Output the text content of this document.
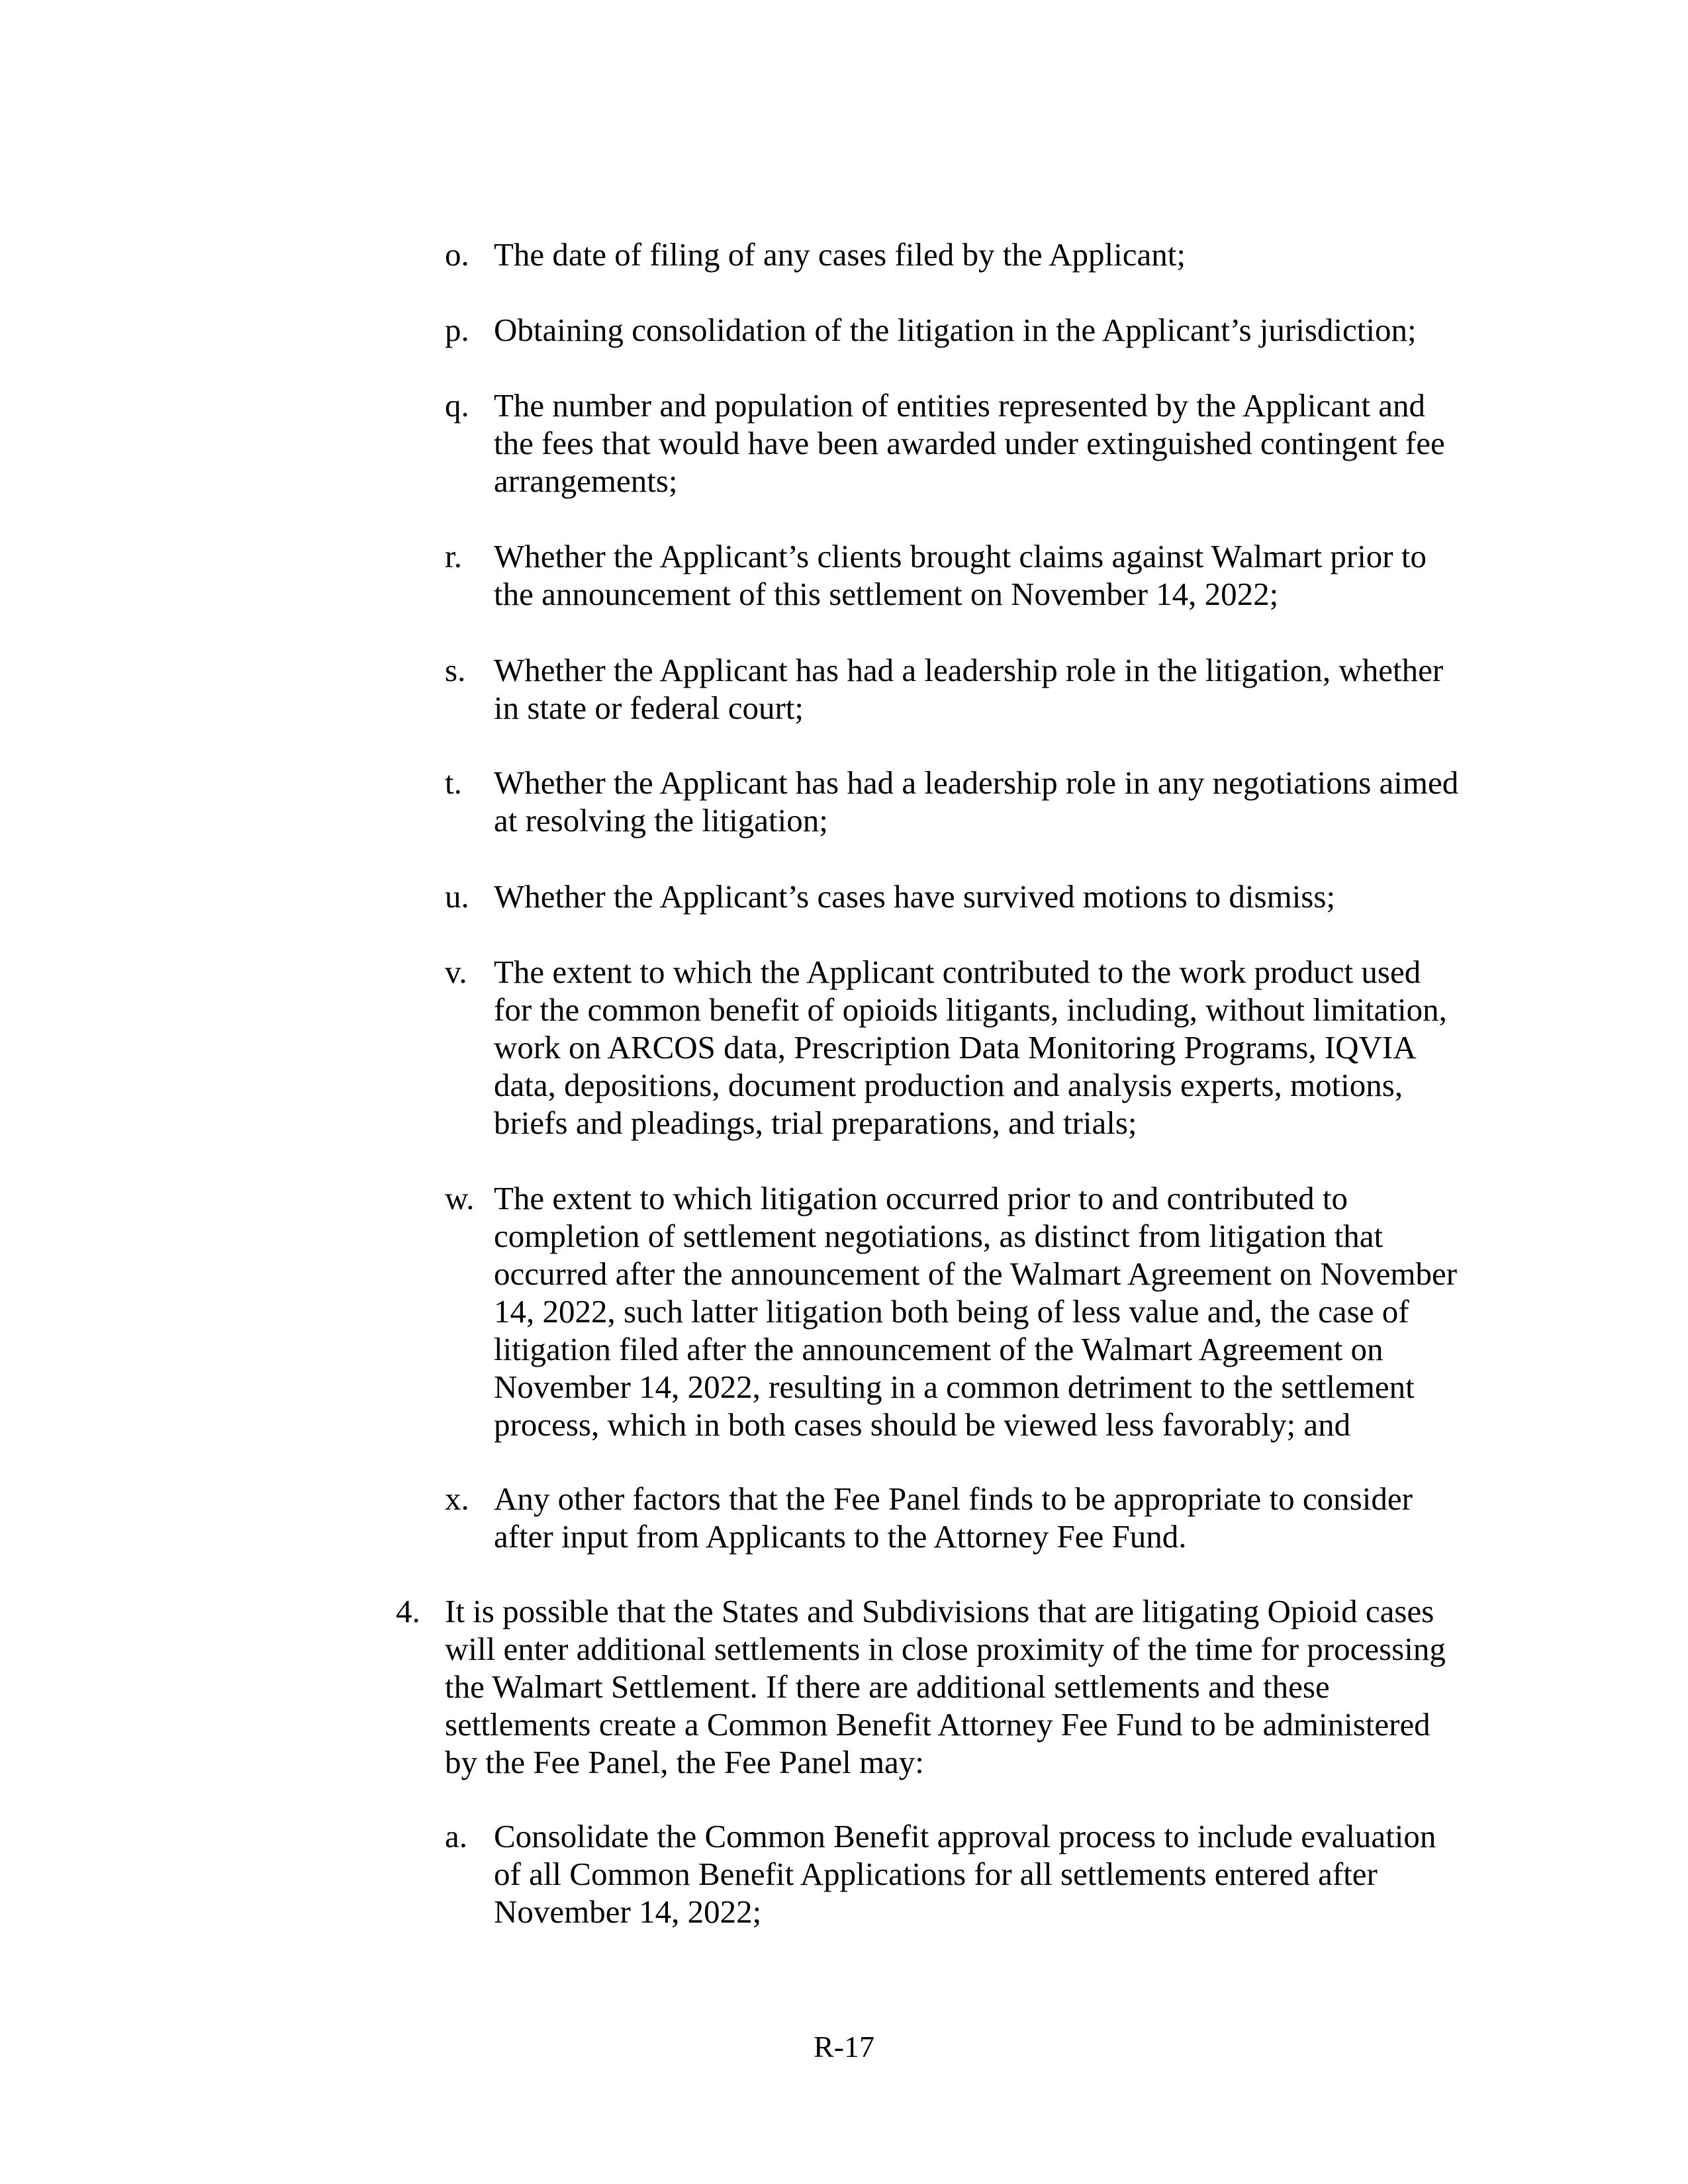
o. The date of filing of any cases filed by the Applicant;
p. Obtaining consolidation of the litigation in the Applicant’s jurisdiction;
q. The number and population of entities represented by the Applicant and
the fees that would have been awarded under extinguished contingent fee
arrangements;
r. Whether the Applicant’s clients brought claims against Walmart prior to
the announcement of this settlement on November 14, 2022;
s. Whether the Applicant has had a leadership role in the litigation, whether
in state or federal court;
t. Whether the Applicant has had a leadership role in any negotiations aimed
at resolving the litigation;
u. Whether the Applicant’s cases have survived motions to dismiss;
v. The extent to which the Applicant contributed to the work product used
for the common benefit of opioids litigants, including, without limitation,
work on ARCOS data, Prescription Data Monitoring Programs, IQVIA
data, depositions, document production and analysis experts, motions,
briefs and pleadings, trial preparations, and trials;
w. The extent to which litigation occurred prior to and contributed to
completion of settlement negotiations, as distinct from litigation that
occurred after the announcement of the Walmart Agreement on November
14, 2022, such latter litigation both being of less value and, the case of
litigation filed after the announcement of the Walmart Agreement on
November 14, 2022, resulting in a common detriment to the settlement
process, which in both cases should be viewed less favorably; and
x. Any other factors that the Fee Panel finds to be appropriate to consider
after input from Applicants to the Attorney Fee Fund.
4. It is possible that the States and Subdivisions that are litigating Opioid cases
will enter additional settlements in close proximity of the time for processing
the Walmart Settlement. If there are additional settlements and these
settlements create a Common Benefit Attorney Fee Fund to be administered
by the Fee Panel, the Fee Panel may:
a. Consolidate the Common Benefit approval process to include evaluation
of all Common Benefit Applications for all settlements entered after
November 14, 2022;
R-17
